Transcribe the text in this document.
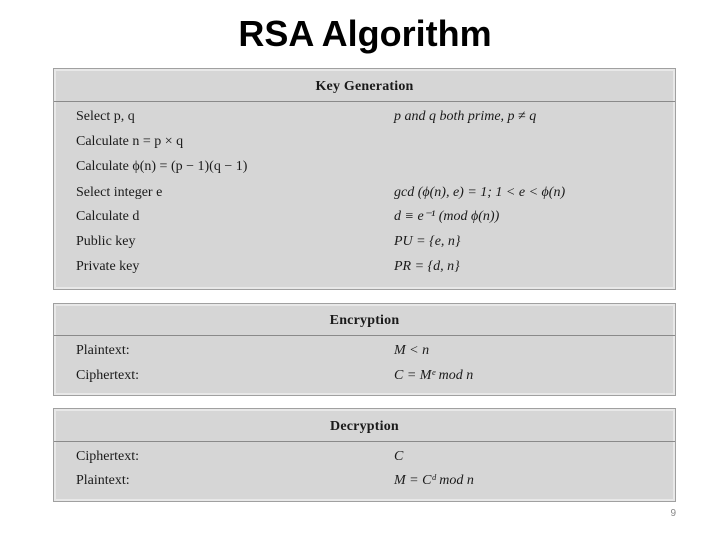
RSA Algorithm
Key Generation
Select p, q	p and q both prime, p ≠ q
Calculate n = p × q
Calculate ϕ(n) = (p − 1)(q − 1)
Select integer e	gcd (ϕ(n), e) = 1; 1 < e < ϕ(n)
Calculate d	d ≡ e⁻¹ (mod ϕ(n))
Public key	PU = {e, n}
Private key	PR = {d, n}
Encryption
Plaintext:	M < n
Ciphertext:	C = Mᵉ mod n
Decryption
Ciphertext:	C
Plaintext:	M = Cᵈ mod n
9
